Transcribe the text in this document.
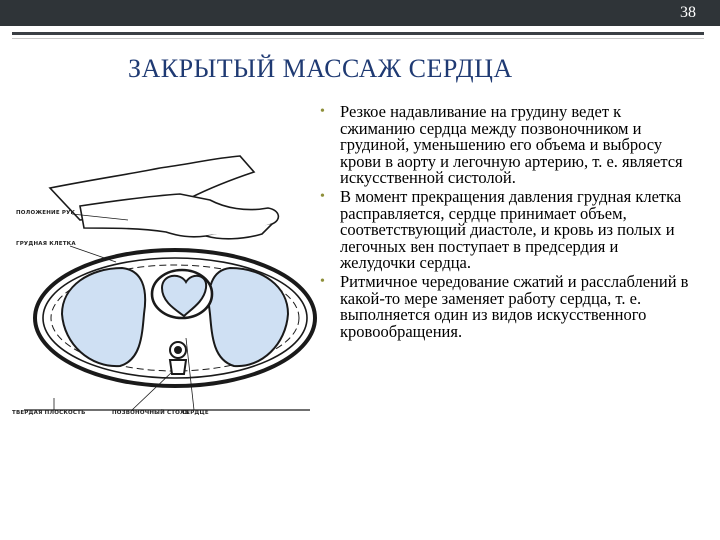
38
ЗАКРЫТЫЙ МАССАЖ СЕРДЦА
ПОЛОЖЕНИЕ РУК
ГРУДНАЯ КЛЕТКА
ТВЕРДАЯ ПЛОСКОСТЬ	ПОЗВОНОЧНЫЙ СТОЛБ
СЕРДЦЕ
• Резкое надавливание на грудину ведет к сжиманию сердца между позвоночником и грудиной, уменьшению его объема и выбросу крови в аорту и легочную артерию, т. е. является искусственной систолой.
• В момент прекращения давления грудная клетка расправляется, сердце принимает объем, соответствующий диастоле, и кровь из полых и легочных вен поступает в предсердия и желудочки сердца.
• Ритмичное чередование сжатий и расслаблений в какой-то мере заменяет работу сердца, т. е. выполняется один из видов искусственного кровообращения.
